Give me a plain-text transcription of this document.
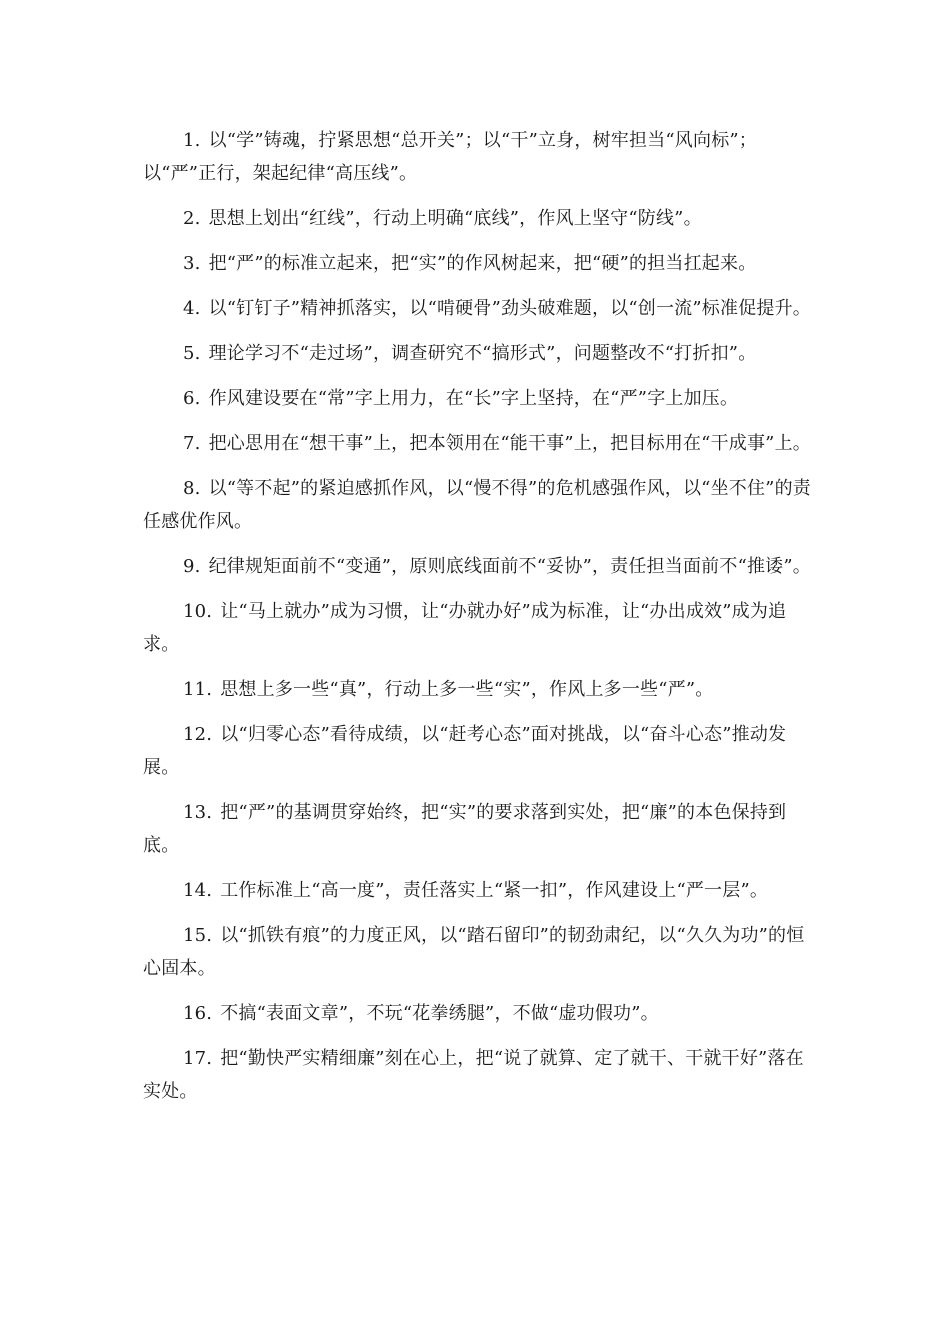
1. 以“学”铸魂，拧紧思想“总开关”；以“干”立身，树牢担当“风向标”；以“严”正行，架起纪律“高压线”。

2. 思想上划出“红线”，行动上明确“底线”，作风上坚守“防线”。

3. 把“严”的标准立起来，把“实”的作风树起来，把“硬”的担当扛起来。

4. 以“钉钉子”精神抓落实，以“啃硬骨”劲头破难题，以“创一流”标准促提升。

5. 理论学习不“走过场”，调查研究不“搞形式”，问题整改不“打折扣”。

6. 作风建设要在“常”字上用力，在“长”字上坚持，在“严”字上加压。

7. 把心思用在“想干事”上，把本领用在“能干事”上，把目标用在“干成事”上。

8. 以“等不起”的紧迫感抓作风，以“慢不得”的危机感强作风，以“坐不住”的责任感优作风。

9. 纪律规矩面前不“变通”，原则底线面前不“妥协”，责任担当面前不“推诿”。

10. 让“马上就办”成为习惯，让“办就办好”成为标准，让“办出成效”成为追求。

11. 思想上多一些“真”，行动上多一些“实”，作风上多一些“严”。

12. 以“归零心态”看待成绩，以“赶考心态”面对挑战，以“奋斗心态”推动发展。

13. 把“严”的基调贯穿始终，把“实”的要求落到实处，把“廉”的本色保持到底。

14. 工作标准上“高一度”，责任落实上“紧一扣”，作风建设上“严一层”。

15. 以“抓铁有痕”的力度正风，以“踏石留印”的韧劲肃纪，以“久久为功”的恒心固本。

16. 不搞“表面文章”，不玩“花拳绣腿”，不做“虚功假功”。

17. 把“勤快严实精细廉”刻在心上，把“说了就算、定了就干、干就干好”落在实处。
